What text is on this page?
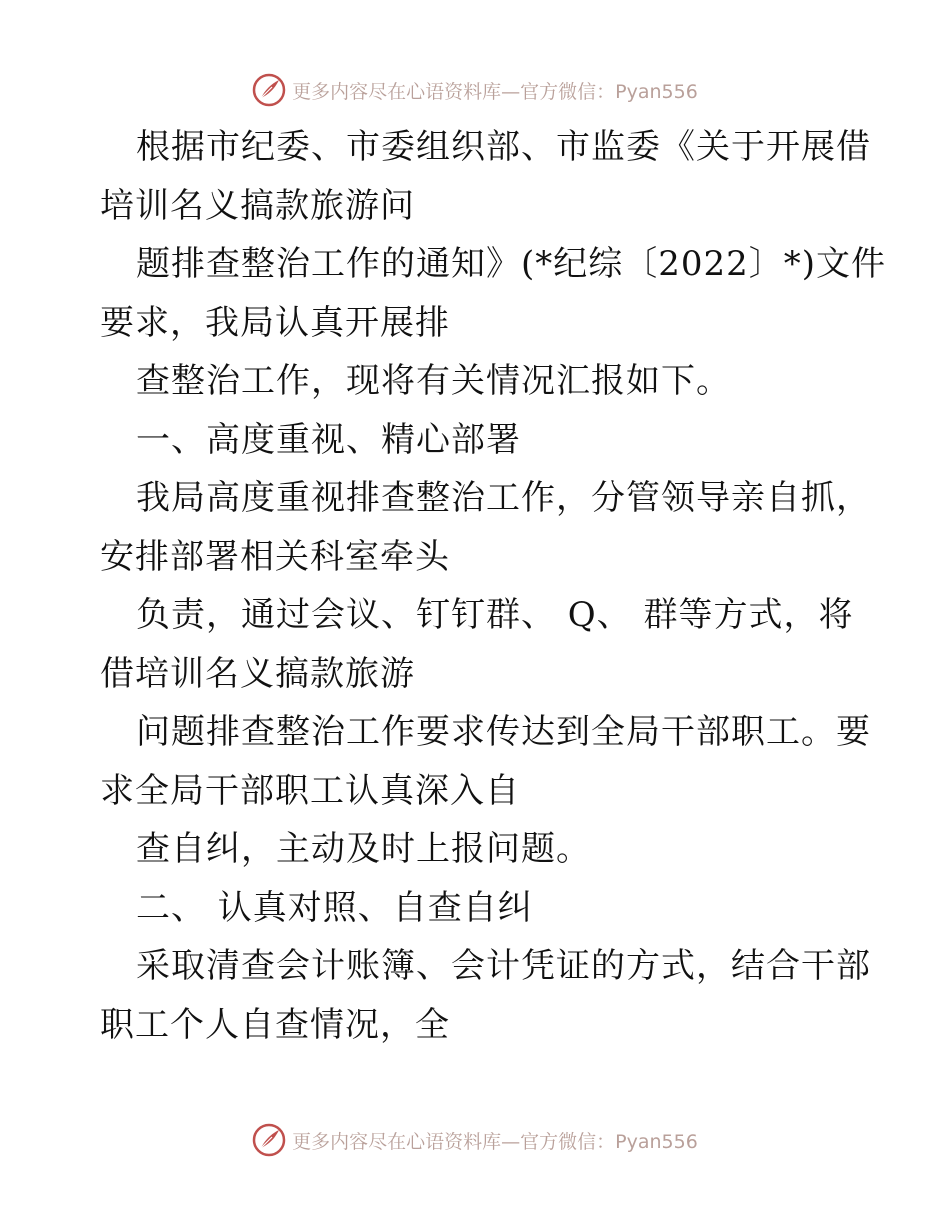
更多内容尽在心语资料库—官方微信：Pyan556
根据市纪委、市委组织部、市监委《关于开展借
培训名义搞款旅游问
题排查整治工作的通知》(*纪综〔2022〕*)文件
要求，我局认真开展排
查整治工作，现将有关情况汇报如下。
一、高度重视、精心部署
我局高度重视排查整治工作，分管领导亲自抓，
安排部署相关科室牵头
负责，通过会议、钉钉群、 Q、 群等方式，将
借培训名义搞款旅游
问题排查整治工作要求传达到全局干部职工。要
求全局干部职工认真深入自
查自纠，主动及时上报问题。
二、 认真对照、自查自纠
采取清查会计账簿、会计凭证的方式，结合干部
职工个人自查情况，全
更多内容尽在心语资料库—官方微信：Pyan556
